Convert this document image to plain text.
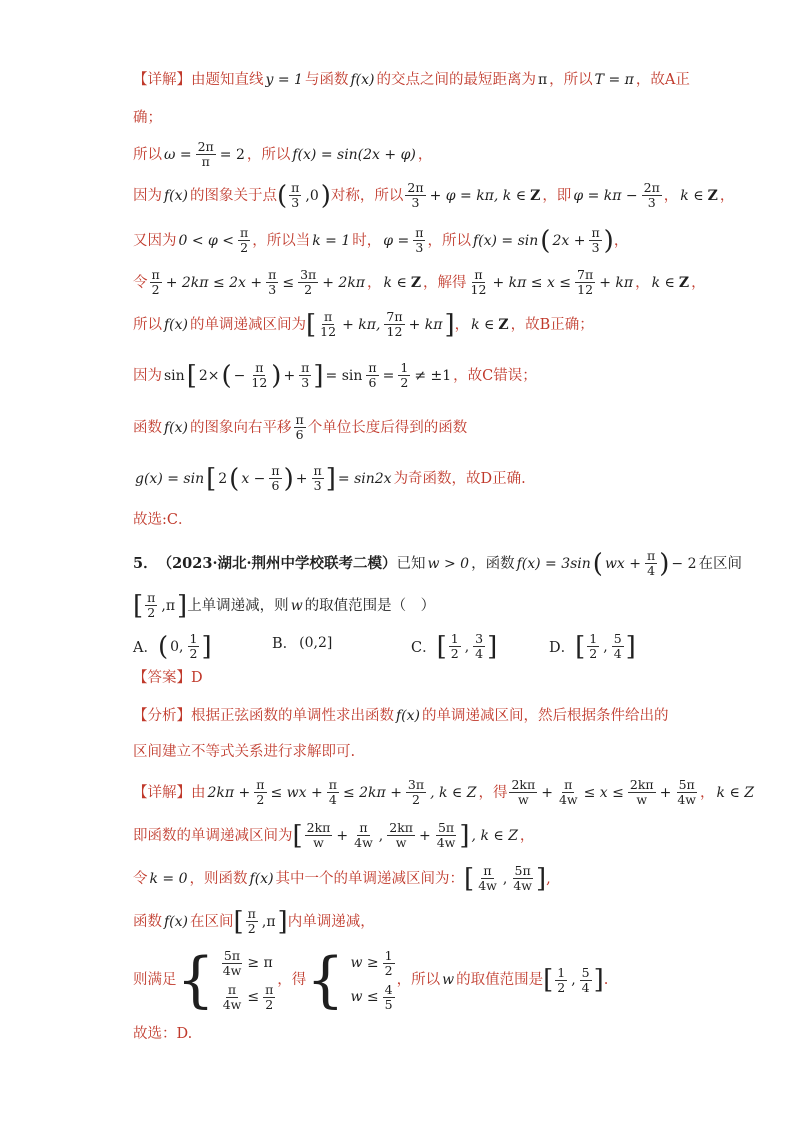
【详解】 由题知直线 y = 1 与函数 f(x) 的交点之间的最短距离为 π ，所以 T = π ，故A正
确；
所以 $\omega = \frac{2\pi}{\pi} = 2$ ，所以 f(x) = sin(2x + φ) ，
因为 f(x) 的图象关于点 ( $\frac{\pi}{3} ,0$ ) 对称，所以 $\frac{2\pi}{3} + \varphi = k\pi$, k ∈ Z ，即 $\varphi = k\pi - \frac{2\pi}{3}$ ， k ∈ Z ，
又因为 $0 < \varphi < \frac{\pi}{2}$ ，所以当 k = 1 时， $\varphi = \frac{\pi}{3}$ ，所以 f(x) = sin ( $2x + \frac{\pi}{3}$ ) ，
令 $\frac{\pi}{2} + 2k\pi \le 2x + \frac{\pi}{3} \le \frac{3\pi}{2} + 2k\pi$ ， k ∈ Z ，解得 $\frac{\pi}{12} + k\pi \le x \le \frac{7\pi}{12} + k\pi$ ， k ∈ Z ，
所以 f(x) 的单调递减区间为 [ $\frac{\pi}{12} + k\pi$, $\frac{7\pi}{12} + k\pi$ ] ， k ∈ Z ，故B正确；
因为 sin [ 2× ( − $\frac{\pi}{12}$ ) + $\frac{\pi}{3}$ ] = $\sin \frac{\pi}{6} = \frac{1}{2} \ne \pm 1$ ，故C错误；
函数 f(x) 的图象向右平移 $\frac{\pi}{6}$ 个单位长度后得到的函数
g(x) = sin [ 2 ( $x - \frac{\pi}{6}$ ) + $\frac{\pi}{3}$ ] = sin2x 为奇函数，故D正确.
故选:C．
5． （2023·湖北·荆州中学校联考二模） 已知 w > 0 ，函数 f(x) = 3sin ( wx + $\frac{\pi}{4}$ ) − 2 在区间
[ $\frac{\pi}{2} ,\pi$ ] 上单调递减，则 w 的取值范围是（　）
A． ( 0, $\frac{1}{2}$ ]	B． (0,2]	C． [ $\frac{1}{2}$ , $\frac{3}{4}$ ]	D． [ $\frac{1}{2}$ , $\frac{5}{4}$ ]
【答案】 D
【分析】 根据正弦函数的单调性求出函数 f(x) 的单调递减区间，然后根据条件给出的
区间建立不等式关系进行求解即可.
【详解】 由 $2k\pi + \frac{\pi}{2}$ ≤ wx + $\frac{\pi}{4} \le 2k\pi + \frac{3\pi}{2}$ , k ∈ Z ，得 $\frac{2k\pi}{w} + \frac{\pi}{4w} \le x \le \frac{2k\pi}{w} + \frac{5\pi}{4w}$ ， k ∈ Z
即函数的单调递减区间为 [ $\frac{2k\pi}{w} + \frac{\pi}{4w}$ , $\frac{2k\pi}{w} + \frac{5\pi}{4w}$ ] , k ∈ Z ，
令 k = 0 ，则函数 f(x) 其中一个的单调递减区间为： [ $\frac{\pi}{4w}$ , $\frac{5\pi}{4w}$ ] ,
函数 f(x) 在区间 [ $\frac{\pi}{2} ,\pi$ ] 内单调递减，
则满足 { $\frac{5\pi}{4w} \ge \pi$
$\frac{\pi}{4w} \le \frac{\pi}{2}$
，得 { $w \ge \frac{1}{2}$
$w \le \frac{4}{5}$
，所以 w 的取值范围是 [ $\frac{1}{2}$ , $\frac{5}{4}$ ] .
故选：D.
